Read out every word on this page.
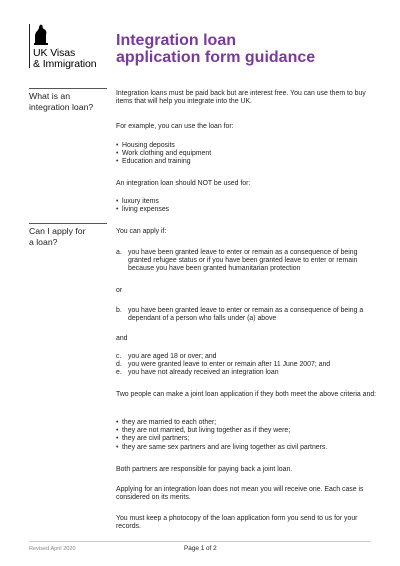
UK Visas
& Immigration
Integration loan
application form guidance
What is an
integration loan?

Integration loans must be paid back but are interest free. You can use them to buy items that will help you integrate into the UK.

For example, you can use the loan for:

• Housing deposits
• Work clothing and equipment
• Education and training

An integration loan should NOT be used for:

• luxury items
• living expenses
Can I apply for
a loan?

You can apply if:

a. you have been granted leave to enter or remain as a consequence of being granted refugee status or if you have been granted leave to enter or remain because you have been granted humanitarian protection

or

b. you have been granted leave to enter or remain as a consequence of being a dependant of a person who falls under (a) above

and

c. you are aged 18 or over; and
d. you were granted leave to enter or remain after 11 June 2007; and
e. you have not already received an integration loan

Two people can make a joint loan application if they both meet the above criteria and:

• they are married to each other;
• they are not married, but living together as if they were;
• they are civil partners;
• they are same sex partners and are living together as civil partners.

Both partners are responsible for paying back a joint loan.

Applying for an integration loan does not mean you will receive one. Each case is considered on its merits.

You must keep a photocopy of the loan application form you send to us for your records.

Revised April 2020	Page 1 of 2
